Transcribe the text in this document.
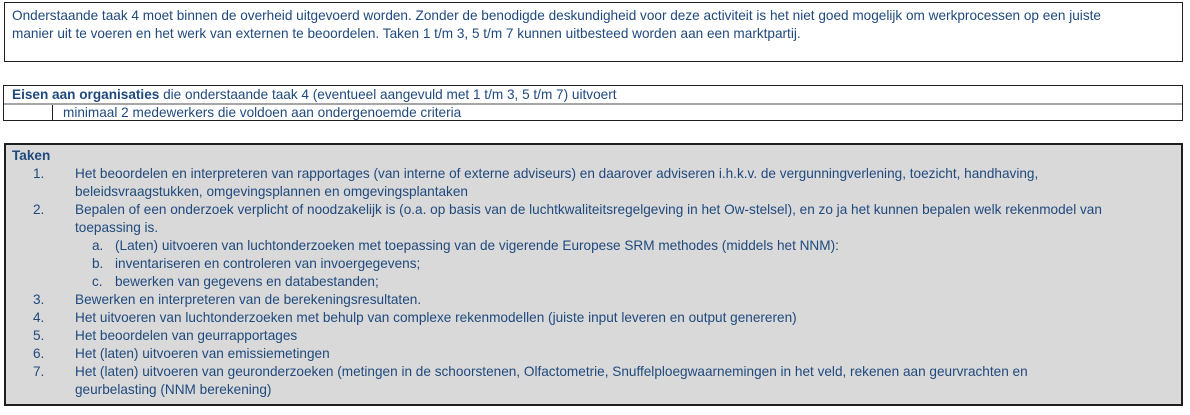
Onderstaande taak 4 moet binnen de overheid uitgevoerd worden. Zonder de benodigde deskundigheid voor deze activiteit is het niet goed mogelijk om werkprocessen op een juiste manier uit te voeren en het werk van externen te beoordelen. Taken 1 t/m 3, 5 t/m 7 kunnen uitbesteed worden aan een marktpartij.

Eisen aan organisaties die onderstaande taak 4 (eventueel aangevuld met 1 t/m 3, 5 t/m 7) uitvoert
minimaal 2 medewerkers die voldoen aan ondergenoemde criteria
Taken
1.	Het beoordelen en interpreteren van rapportages (van interne of externe adviseurs) en daarover adviseren i.h.k.v. de vergunningverlening, toezicht, handhaving, beleidsvraagstukken, omgevingsplannen en omgevingsplantaken
2.	Bepalen of een onderzoek verplicht of noodzakelijk is (o.a. op basis van de luchtkwaliteitsregelgeving in het Ow-stelsel), en zo ja het kunnen bepalen welk rekenmodel van toepassing is.
a. (Laten) uitvoeren van luchtonderzoeken met toepassing van de vigerende Europese SRM methodes (middels het NNM):
b. inventariseren en controleren van invoergegevens;
c. bewerken van gegevens en databestanden;
3.	Bewerken en interpreteren van de berekeningsresultaten.
4.	Het uitvoeren van luchtonderzoeken met behulp van complexe rekenmodellen (juiste input leveren en output genereren)
5.	Het beoordelen van geurrapportages
6.	Het (laten) uitvoeren van emissiemetingen
7.	Het (laten) uitvoeren van geuronderzoeken (metingen in de schoorstenen, Olfactometrie, Snuffelploegwaarnemingen in het veld, rekenen aan geurvrachten en geurbelasting (NNM berekening)
